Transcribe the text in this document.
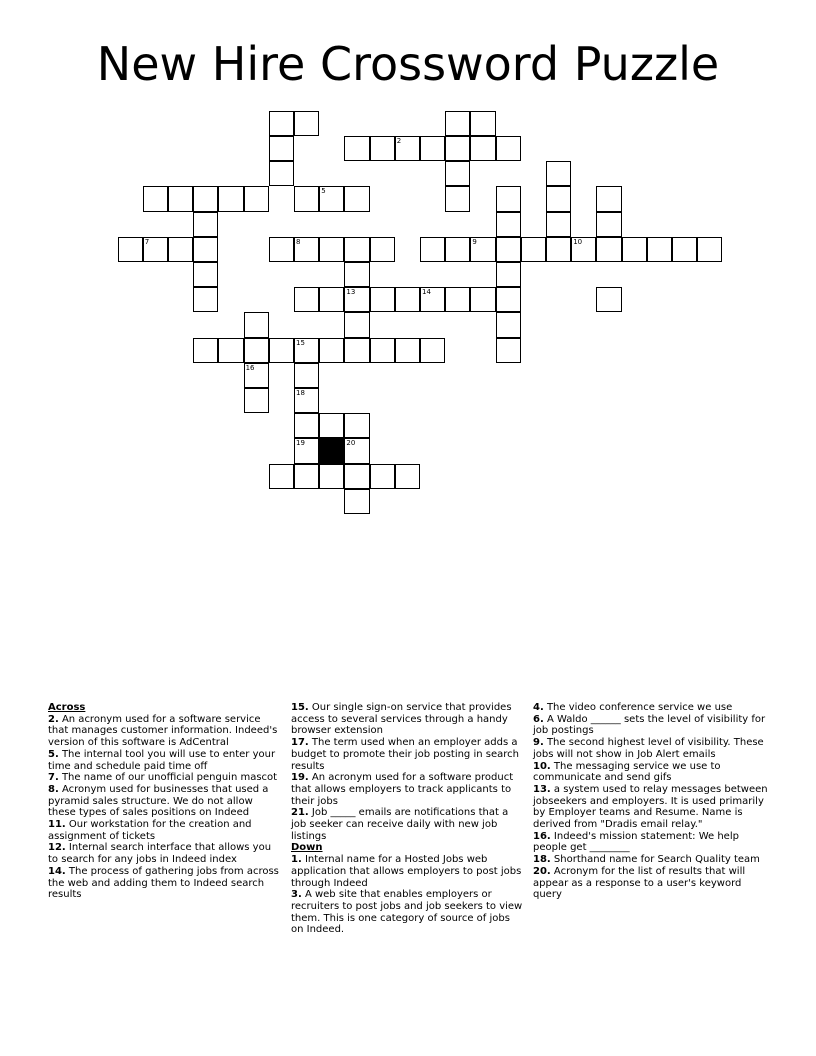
New Hire Crossword Puzzle
2
5
7	8	9	10
13	14
15
16
18
19	20

Across

2. An acronym used for a software service that manages customer information. Indeed's version of this software is AdCentral

5. The internal tool you will use to enter your time and schedule paid time off

7. The name of our unofficial penguin mascot

8. Acronym used for businesses that used a pyramid sales structure. We do not allow these types of sales positions on Indeed

11. Our workstation for the creation and assignment of tickets

12. Internal search interface that allows you to search for any jobs in Indeed index

14. The process of gathering jobs from across the web and adding them to Indeed search results

15. Our single sign-on service that provides access to several services through a handy browser extension

17. The term used when an employer adds a budget to promote their job posting in search results

19. An acronym used for a software product that allows employers to track applicants to their jobs

21. Job _____ emails are notifications that a job seeker can receive daily with new job listings

Down

1. Internal name for a Hosted Jobs web application that allows employers to post jobs through Indeed

3. A web site that enables employers or recruiters to post jobs and job seekers to view them. This is one category of source of jobs on Indeed.

4. The video conference service we use

6. A Waldo ______ sets the level of visibility for job postings

9. The second highest level of visibility. These jobs will not show in Job Alert emails

10. The messaging service we use to communicate and send gifs

13. a system used to relay messages between jobseekers and employers. It is used primarily by Employer teams and Resume. Name is derived from "Dradis email relay."

16. Indeed's mission statement: We help people get ________

18. Shorthand name for Search Quality team

20. Acronym for the list of results that will appear as a response to a user's keyword query
